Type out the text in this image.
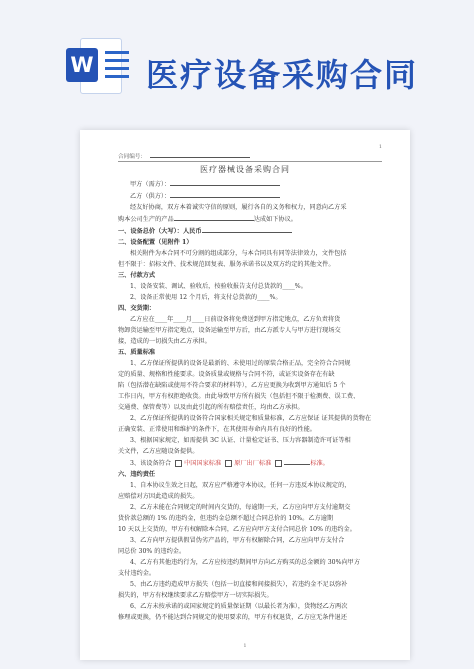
W 医疗设备采购合同
1
合同编号：
医疗器械设备采购合同

甲方（需方）：

乙方（供方）：

经友好协商，双方本着诚实守信的原则，履行各自的义务和权力，同意向乙方采

购本公司生产的产品	达成如下协议。

一、设备总价（大写）：人民币

二、设备配置（见附件 1）

相关附件为本合同不可分割的组成部分，与本合同具有同等法律效力，文件包括

但不限于：招标文件、技术规范回复表、服务承诺书以及双方约定的其他文件。

三、付款方式

1、设备安装、调试、验收后，按验收报告支付总货款的____%。

2、设备正常使用 12 个月后，将支付总货款的____%。

四、交货期：

乙方应在____年____月____日前设备将免费送到甲方指定地点，乙方负责将货

物卸货运输至甲方指定地点，设备运输至甲方后，由乙方派专人与甲方进行现场交

接，造成的一切损失由乙方承担。

五、质量标准

1、乙方保证所提供的设备是最新的、未使用过的原装合格正品，完全符合合同规

定的质量、规格和性能要求。设备质量或规格与合同不符，或证实设备存在有缺

陷（包括潜在缺陷或使用不符合要求的材料等），乙方应更换为收到甲方通知后 5 个

工作日内，甲方有权拒绝收货。由此导致甲方所有损失（包括但不限于检测费、误工费、

交通费、保管费等）以及由此引起的所有赔偿责任，均由乙方承担。

2、乙方保证所提供的设备符合国家相关规定和质量标准，乙方应保证 证其提供的货物在

正确安装、正常使用和维护的条件下，在其使用寿命内具有良好的性能。

3、根据国家规定，如需提供 3C 认证、计量检定证书、压力容器制造许可证等相

关文件，乙方应随设备提供。

3、该设备符合 中国国家标准 原厂出厂标准	标准。

六、违约责任

1、自本协议生效之日起，双方应严格遵守本协议，任何一方违反本协议规定的，

应赔偿对方因此造成的损失。

2、乙方未能在合同规定的时间内交货的，每逾期一天，乙方应向甲方支付逾期交

货价款总额的 1% 的违约金，但违约金总额不超过合同总价的 10%。乙方逾期

10 天以上交货的，甲方有权解除本合同，乙方应向甲方支付合同总价 10% 的违约金。

3、乙方向甲方提供假冒伪劣产品的，甲方有权解除合同，乙方应向甲方支付合

同总价 30% 的违约金。

4、乙方有其他违约行为，乙方应按违约期间甲方向乙方购买的总金额的 30%向甲方

支付违约金。

5、由乙方违约造成甲方损失（包括一切直接和间接损失），若违约金不足以弥补

损失的，甲方有权继续要求乙方赔偿甲方一切实际损失。

6、乙方未按承诺的或国家规定的质量保证期（以最长者为准），货物经乙方两次

修理或更换，仍不能达到合同规定的使用要求的，甲方有权退货，乙方应无条件退还

1
